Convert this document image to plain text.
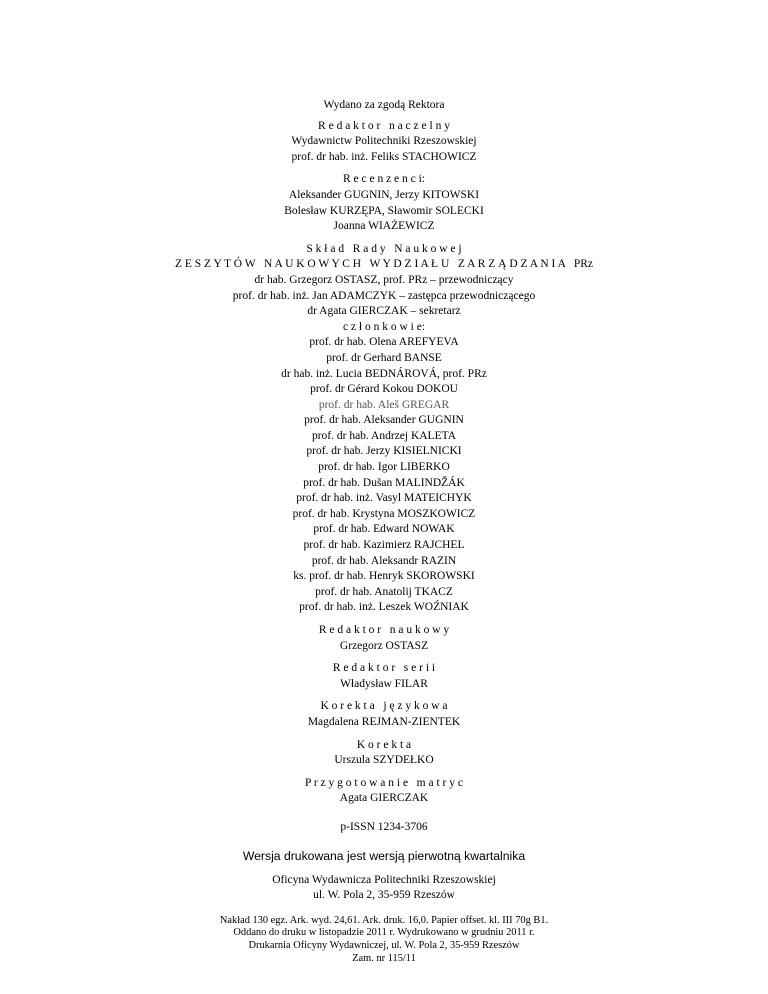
Wydano za zgodą Rektora
R e d a k t o r   n a c z e l n y
Wydawnictw Politechniki Rzeszowskiej
prof. dr hab. inż. Feliks STACHOWICZ
R e c e n z e n c i:
Aleksander GUGNIN, Jerzy KITOWSKI
Bolesław KURZĘPA, Sławomir SOLECKI
Joanna WIAŻEWICZ
S k ł a d   R a d y   N a u k o w e j
Z E S Z Y T Ó W   N A U K O W Y C H   W Y D Z I A Ł U   Z A R Z Ą D Z A N I A   PRz
dr hab. Grzegorz OSTASZ, prof. PRz – przewodniczący
prof. dr hab. inż. Jan ADAMCZYK – zastępca przewodniczącego
dr Agata GIERCZAK – sekretarz
c z ł o n k o w i e:
prof. dr hab. Olena AREFYEVA
prof. dr Gerhard BANSE
dr hab. inż. Lucia BEDNÁROVÁ, prof. PRz
prof. dr Gérard Kokou DOKOU
prof. dr hab. Aleš GREGAR
prof. dr hab. Aleksander GUGNIN
prof. dr hab. Andrzej KALETA
prof. dr hab. Jerzy KISIELNICKI
prof. dr hab. Igor LIBERKO
prof. dr hab. Dušan MALINDŽÁK
prof. dr hab. inż. Vasyl MATEICHYK
prof. dr hab. Krystyna MOSZKOWICZ
prof. dr hab. Edward NOWAK
prof. dr hab. Kazimierz RAJCHEL
prof. dr hab. Aleksandr RAZIN
ks. prof. dr hab. Henryk SKOROWSKI
prof. dr hab. Anatolij TKACZ
prof. dr hab. inż. Leszek WOŹNIAK
R e d a k t o r   n a u k o w y
Grzegorz OSTASZ
R e d a k t o r   s e r i i
Władysław FILAR
K o r e k t a   j ę z y k o w a
Magdalena REJMAN-ZIENTEK
K o r e k t a
Urszula SZYDEŁKO
P r z y g o t o w a n i e   m a t r y c
Agata GIERCZAK
p-ISSN 1234-3706
Wersja drukowana jest wersją pierwotną kwartalnika
Oficyna Wydawnicza Politechniki Rzeszowskiej
ul. W. Pola 2, 35-959 Rzeszów
Nakład 130 egz. Ark. wyd. 24,61. Ark. druk. 16,0. Papier offset. kl. III 70g B1.
Oddano do druku w listopadzie 2011 r. Wydrukowano w grudniu 2011 r.
Drukarnia Oficyny Wydawniczej, ul. W. Pola 2, 35-959 Rzeszów
Zam. nr 115/11
